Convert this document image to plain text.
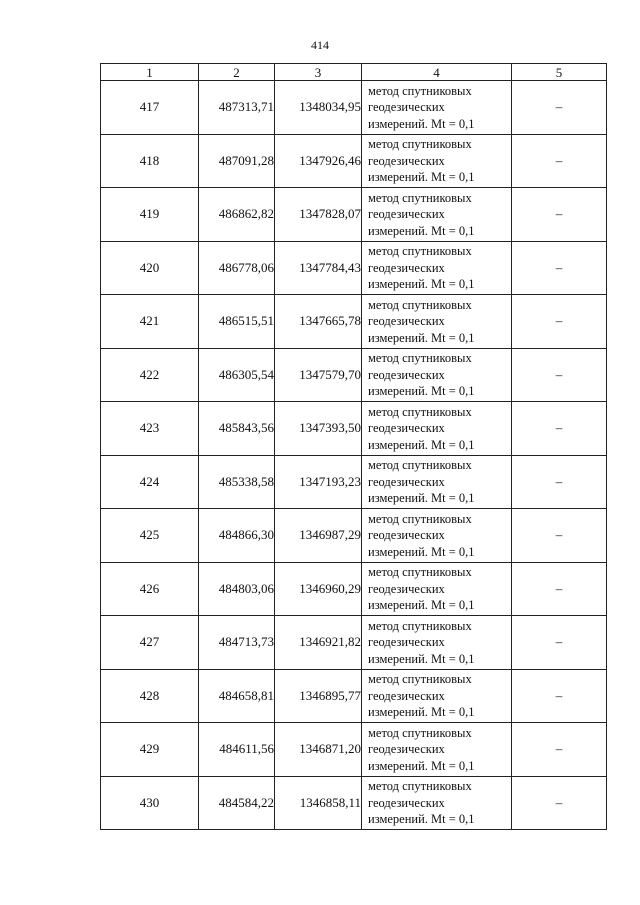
414
1	2	3	4	5
417	487313,71	1348034,95	метод спутниковых
геодезических
измерений. Mt = 0,1	–
418	487091,28	1347926,46	метод спутниковых
геодезических
измерений. Mt = 0,1	–
419	486862,82	1347828,07	метод спутниковых
геодезических
измерений. Mt = 0,1	–
420	486778,06	1347784,43	метод спутниковых
геодезических
измерений. Mt = 0,1	–
421	486515,51	1347665,78	метод спутниковых
геодезических
измерений. Mt = 0,1	–
422	486305,54	1347579,70	метод спутниковых
геодезических
измерений. Mt = 0,1	–
423	485843,56	1347393,50	метод спутниковых
геодезических
измерений. Mt = 0,1	–
424	485338,58	1347193,23	метод спутниковых
геодезических
измерений. Mt = 0,1	–
425	484866,30	1346987,29	метод спутниковых
геодезических
измерений. Mt = 0,1	–
426	484803,06	1346960,29	метод спутниковых
геодезических
измерений. Mt = 0,1	–
427	484713,73	1346921,82	метод спутниковых
геодезических
измерений. Mt = 0,1	–
428	484658,81	1346895,77	метод спутниковых
геодезических
измерений. Mt = 0,1	–
429	484611,56	1346871,20	метод спутниковых
геодезических
измерений. Mt = 0,1	–
430	484584,22	1346858,11	метод спутниковых
геодезических
измерений. Mt = 0,1	–
